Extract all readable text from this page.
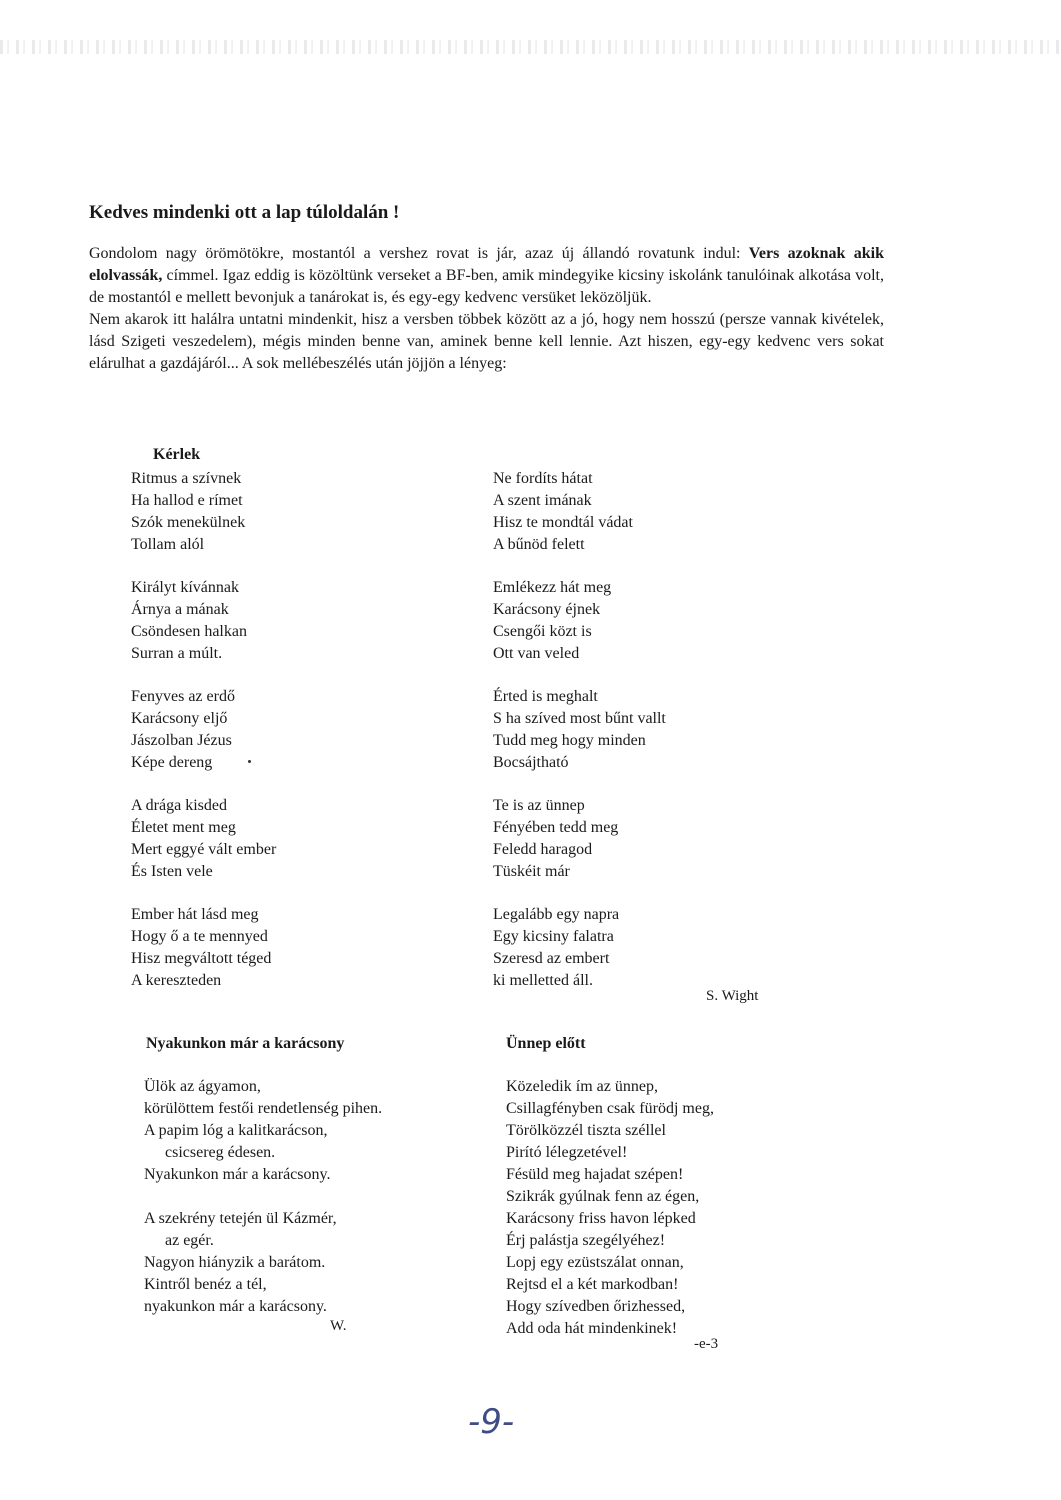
Kedves mindenki ott a lap túloldalán !

Gondolom nagy örömötökre, mostantól a vershez rovat is jár, azaz új állandó rovatunk indul: Vers azoknak akik elolvassák, címmel. Igaz eddig is közöltünk verseket a BF-ben, amik mindegyike kicsiny iskolánk tanulóinak alkotása volt, de mostantól e mellett bevonjuk a tanárokat is, és egy-egy kedvenc versüket leközöljük.

Nem akarok itt halálra untatni mindenkit, hisz a versben többek között az a jó, hogy nem hosszú (persze vannak kivételek, lásd Szigeti veszedelem), mégis minden benne van, aminek benne kell lennie. Azt hiszen, egy-egy kedvenc vers sokat elárulhat a gazdájáról... A sok mellébeszélés után jöjjön a lényeg:

Kérlek
Ritmus a szívnek
Ha hallod e rímet
Szók menekülnek
Tollam alól
Királyt kívánnak
Árnya a mának
Csöndesen halkan
Surran a múlt.
Fenyves az erdő
Karácsony eljő
Jászolban Jézus
Képe dereng
A drága kisded
Életet ment meg
Mert eggyé vált ember
És Isten vele
Ember hát lásd meg
Hogy ő a te mennyed
Hisz megváltott téged
A kereszteden
Ne fordíts hátat
A szent imának
Hisz te mondtál vádat
A bűnöd felett
Emlékezz hát meg
Karácsony éjnek
Csengői közt is
Ott van veled
Érted is meghalt
S ha szíved most bűnt vallt
Tudd meg hogy minden
Bocsájtható
Te is az ünnep
Fényében tedd meg
Feledd haragod
Tüskéit már
Legalább egy napra
Egy kicsiny falatra
Szeresd az embert
ki melletted áll.
S. Wight
Nyakunkon már a karácsony
Ülök az ágyamon,
körülöttem festői rendetlenség pihen.
A papim lóg a kalitkarácson,
csicsereg édesen.
Nyakunkon már a karácsony.
A szekrény tetején ül Kázmér,
az egér.
Nagyon hiányzik a barátom.
Kintről benéz a tél,
nyakunkon már a karácsony.
W.
Ünnep előtt
Közeledik ím az ünnep,
Csillagfényben csak fürödj meg,
Törölközzél tiszta széllel
Pirító lélegzetével!
Fésüld meg hajadat szépen!
Szikrák gyúlnak fenn az égen,
Karácsony friss havon lépked
Érj palástja szegélyéhez!
Lopj egy ezüstszálat onnan,
Rejtsd el a két markodban!
Hogy szívedben őrizhessed,
Add oda hát mindenkinek!
-e-3
-9-
